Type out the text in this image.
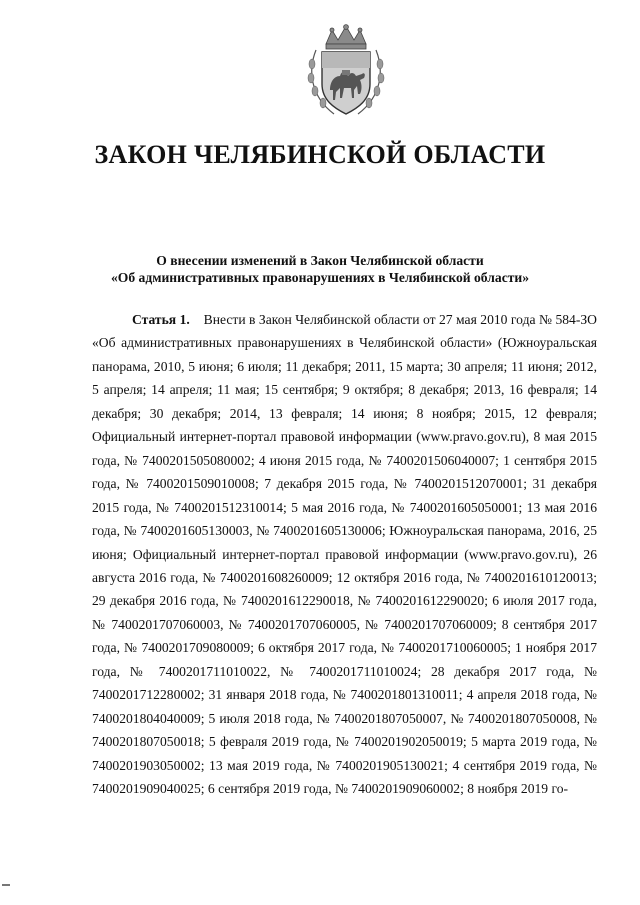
ЗАКОН ЧЕЛЯБИНСКОЙ ОБЛАСТИ
О внесении изменений в Закон Челябинской области
«Об административных правонарушениях в Челябинской области»
Статья 1. Внести в Закон Челябинской области от 27 мая 2010 года № 584-ЗО «Об административных правонарушениях в Челябинской области» (Южноуральская панорама, 2010, 5 июня; 6 июля; 11 декабря; 2011, 15 марта; 30 апреля; 11 июня; 2012, 5 апреля; 14 апреля; 11 мая; 15 сентября; 9 октября; 8 декабря; 2013, 16 февраля; 14 декабря; 30 декабря; 2014, 13 февраля; 14 июня; 8 ноября; 2015, 12 февраля; Официальный интернет-портал правовой информации (www.pravo.gov.ru), 8 мая 2015 года, № 7400201505080002; 4 июня 2015 года, № 7400201506040007; 1 сентября 2015 года, № 7400201509010008; 7 декабря 2015 года, № 7400201512070001; 31 декабря 2015 года, № 7400201512310014; 5 мая 2016 года, № 7400201605050001; 13 мая 2016 года, № 7400201605130003, № 7400201605130006; Южноуральская панорама, 2016, 25 июня; Официальный интернет-портал правовой информации (www.pravo.gov.ru), 26 августа 2016 года, № 7400201608260009; 12 октября 2016 года, № 7400201610120013; 29 декабря 2016 года, № 7400201612290018, № 7400201612290020; 6 июля 2017 года, № 7400201707060003, № 7400201707060005, № 7400201707060009; 8 сентября 2017 года, № 7400201709080009; 6 октября 2017 года, № 7400201710060005; 1 ноября 2017 года, № 7400201711010022, № 7400201711010024; 28 декабря 2017 года, № 7400201712280002; 31 января 2018 года, № 7400201801310011; 4 апреля 2018 года, № 7400201804040009; 5 июля 2018 года, № 7400201807050007, № 7400201807050008, № 7400201807050018; 5 февраля 2019 года, № 7400201902050019; 5 марта 2019 года, № 7400201903050002; 13 мая 2019 года, № 7400201905130021; 4 сентября 2019 года, № 7400201909040025; 6 сентября 2019 года, № 7400201909060002; 8 ноября 2019 го-
